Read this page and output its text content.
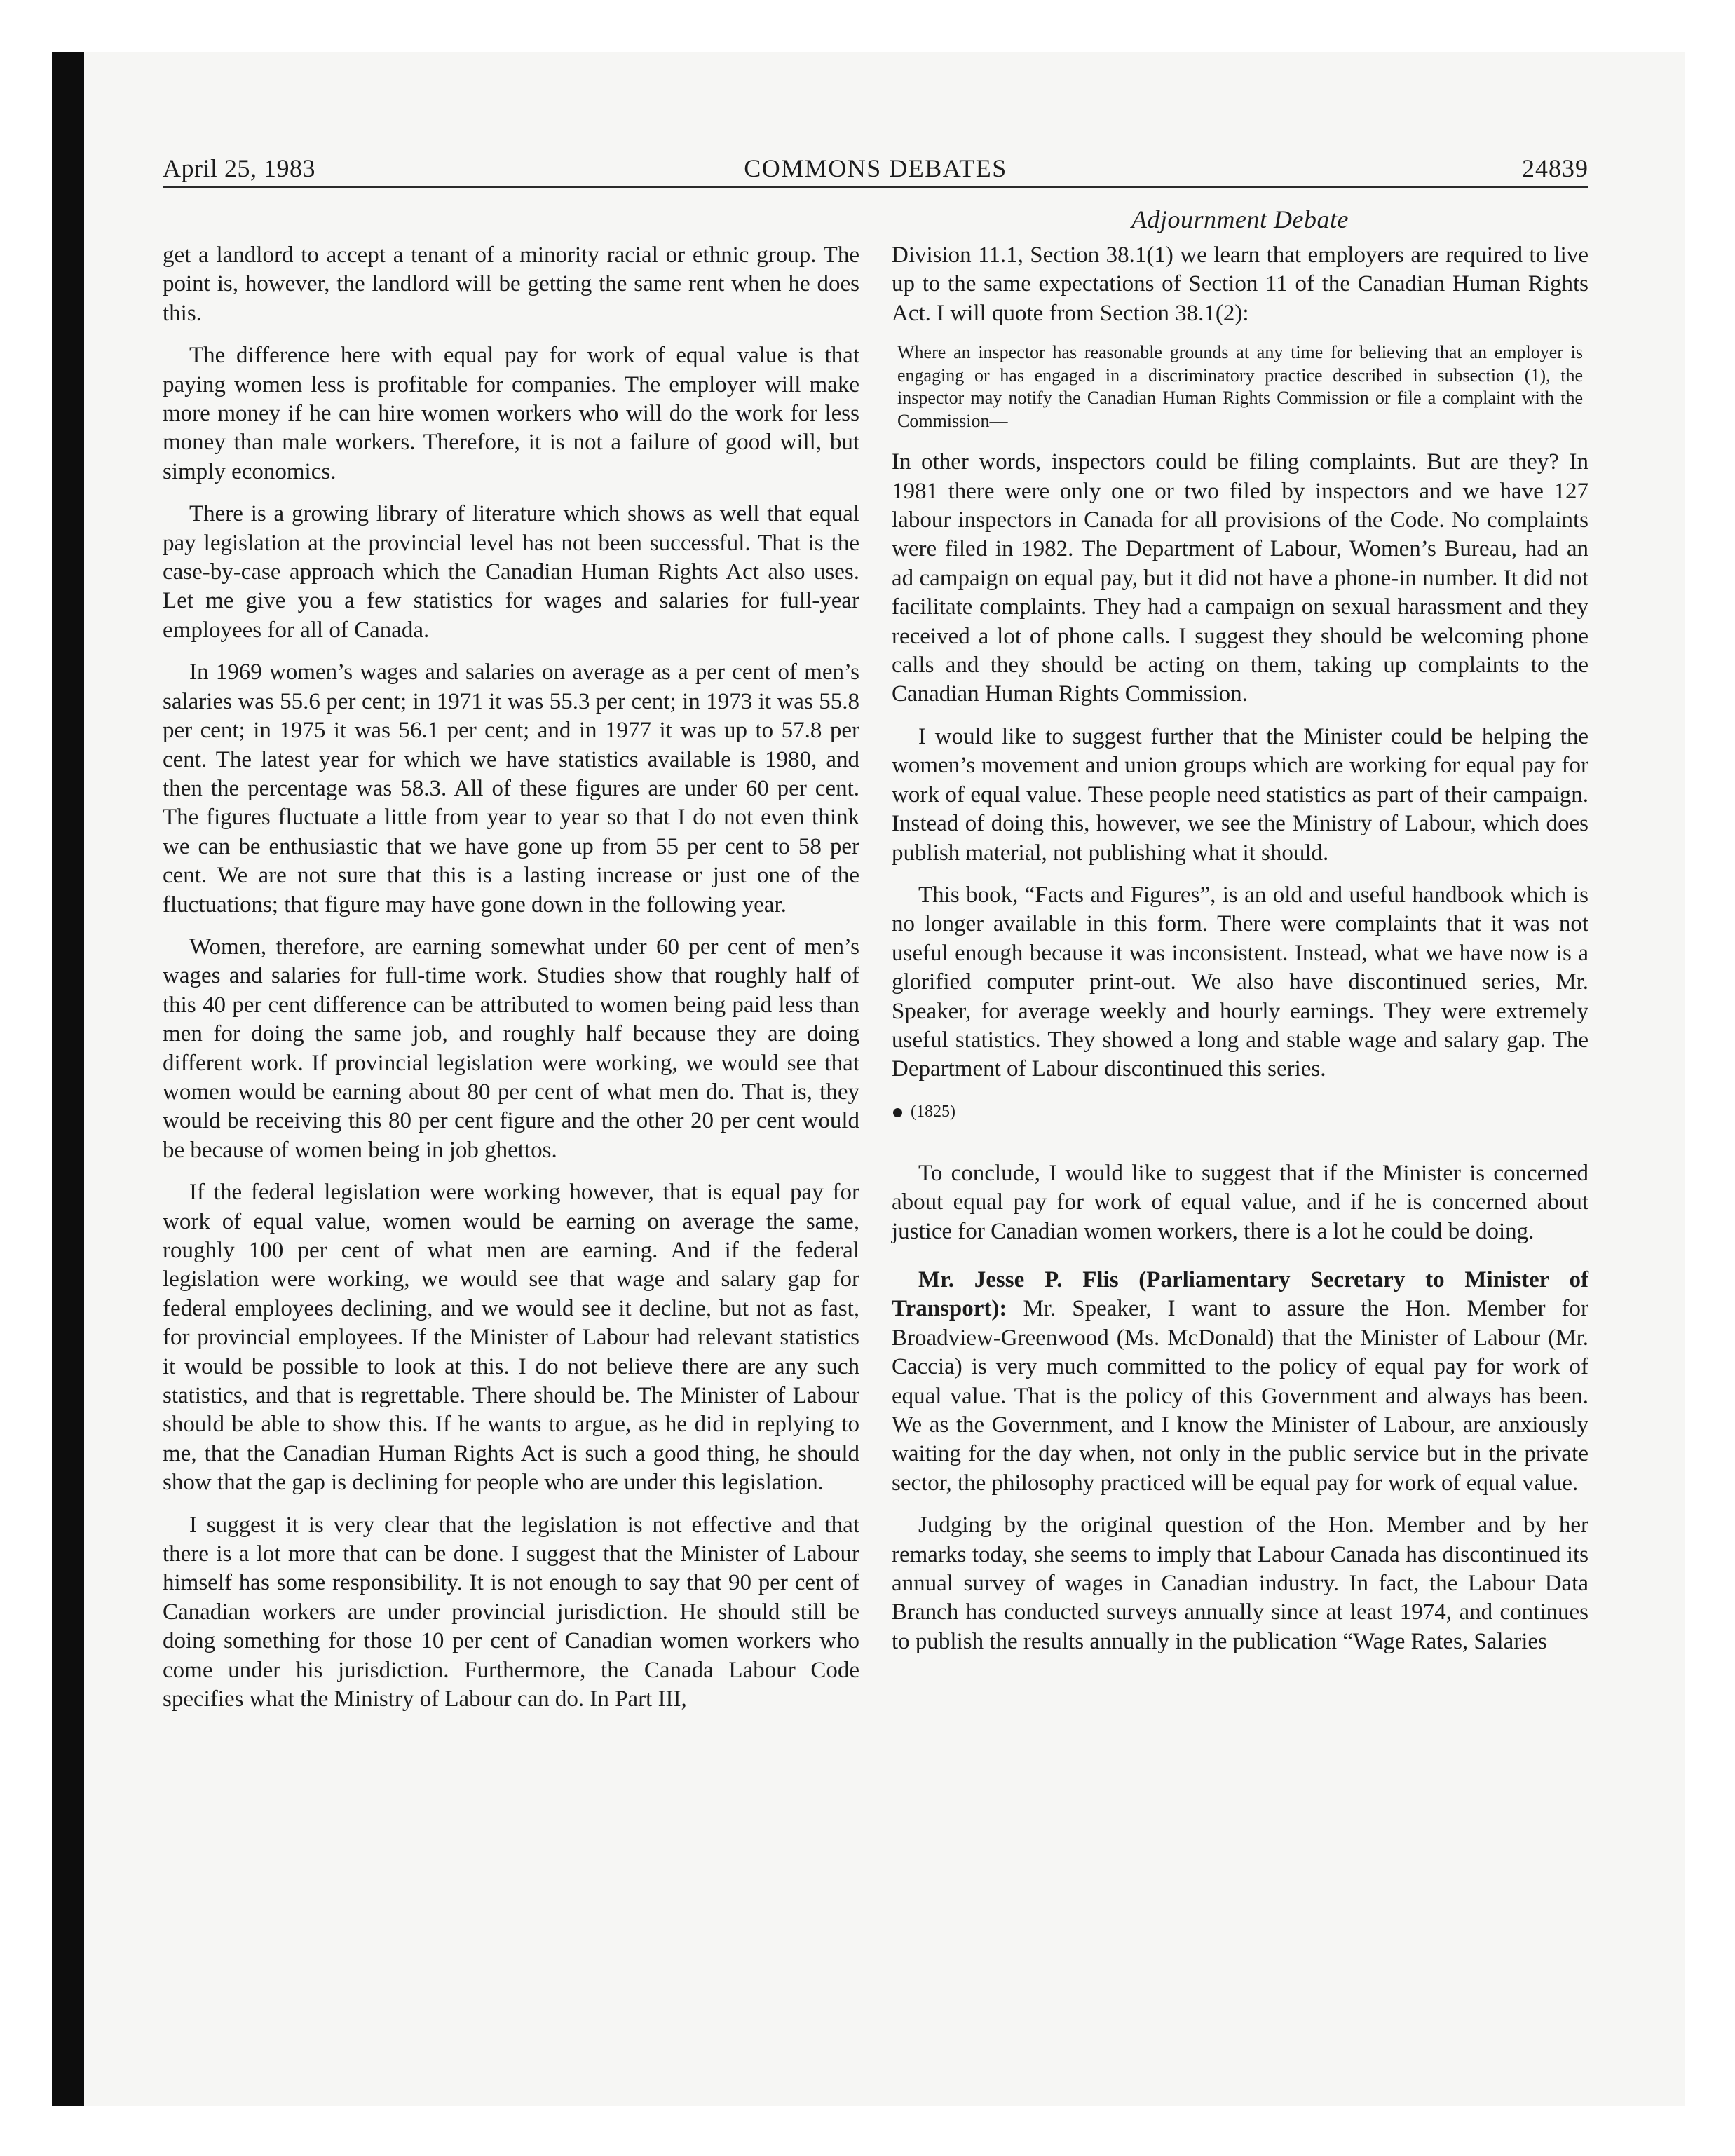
April 25, 1983	COMMONS DEBATES	24839
Adjournment Debate

get a landlord to accept a tenant of a minority racial or ethnic group. The point is, however, the landlord will be getting the same rent when he does this.

The difference here with equal pay for work of equal value is that paying women less is profitable for companies. The employer will make more money if he can hire women workers who will do the work for less money than male workers. Therefore, it is not a failure of good will, but simply economics.

There is a growing library of literature which shows as well that equal pay legislation at the provincial level has not been successful. That is the case-by-case approach which the Canadian Human Rights Act also uses. Let me give you a few statistics for wages and salaries for full-year employees for all of Canada.

In 1969 women’s wages and salaries on average as a per cent of men’s salaries was 55.6 per cent; in 1971 it was 55.3 per cent; in 1973 it was 55.8 per cent; in 1975 it was 56.1 per cent; and in 1977 it was up to 57.8 per cent. The latest year for which we have statistics available is 1980, and then the percentage was 58.3. All of these figures are under 60 per cent. The figures fluctuate a little from year to year so that I do not even think we can be enthusiastic that we have gone up from 55 per cent to 58 per cent. We are not sure that this is a lasting increase or just one of the fluctuations; that figure may have gone down in the following year.

Women, therefore, are earning somewhat under 60 per cent of men’s wages and salaries for full-time work. Studies show that roughly half of this 40 per cent difference can be attributed to women being paid less than men for doing the same job, and roughly half because they are doing different work. If provincial legislation were working, we would see that women would be earning about 80 per cent of what men do. That is, they would be receiving this 80 per cent figure and the other 20 per cent would be because of women being in job ghettos.

If the federal legislation were working however, that is equal pay for work of equal value, women would be earning on average the same, roughly 100 per cent of what men are earning. And if the federal legislation were working, we would see that wage and salary gap for federal employees declining, and we would see it decline, but not as fast, for provincial employees. If the Minister of Labour had relevant statistics it would be possible to look at this. I do not believe there are any such statistics, and that is regrettable. There should be. The Minister of Labour should be able to show this. If he wants to argue, as he did in replying to me, that the Canadian Human Rights Act is such a good thing, he should show that the gap is declining for people who are under this legislation.

I suggest it is very clear that the legislation is not effective and that there is a lot more that can be done. I suggest that the Minister of Labour himself has some responsibility. It is not enough to say that 90 per cent of Canadian workers are under provincial jurisdiction. He should still be doing something for those 10 per cent of Canadian women workers who come under his jurisdiction. Furthermore, the Canada Labour Code specifies what the Ministry of Labour can do. In Part III,

Division 11.1, Section 38.1(1) we learn that employers are required to live up to the same expectations of Section 11 of the Canadian Human Rights Act. I will quote from Section 38.1(2):

Where an inspector has reasonable grounds at any time for believing that an employer is engaging or has engaged in a discriminatory practice described in subsection (1), the inspector may notify the Canadian Human Rights Commission or file a complaint with the Commission—

In other words, inspectors could be filing complaints. But are they? In 1981 there were only one or two filed by inspectors and we have 127 labour inspectors in Canada for all provisions of the Code. No complaints were filed in 1982. The Department of Labour, Women’s Bureau, had an ad campaign on equal pay, but it did not have a phone-in number. It did not facilitate complaints. They had a campaign on sexual harassment and they received a lot of phone calls. I suggest they should be welcoming phone calls and they should be acting on them, taking up complaints to the Canadian Human Rights Commission.

I would like to suggest further that the Minister could be helping the women’s movement and union groups which are working for equal pay for work of equal value. These people need statistics as part of their campaign. Instead of doing this, however, we see the Ministry of Labour, which does publish material, not publishing what it should.

This book, “Facts and Figures”, is an old and useful handbook which is no longer available in this form. There were complaints that it was not useful enough because it was inconsistent. Instead, what we have now is a glorified computer print-out. We also have discontinued series, Mr. Speaker, for average weekly and hourly earnings. They were extremely useful statistics. They showed a long and stable wage and salary gap. The Department of Labour discontinued this series.

(1825)

To conclude, I would like to suggest that if the Minister is concerned about equal pay for work of equal value, and if he is concerned about justice for Canadian women workers, there is a lot he could be doing.

Mr. Jesse P. Flis (Parliamentary Secretary to Minister of Transport): Mr. Speaker, I want to assure the Hon. Member for Broadview-Greenwood (Ms. McDonald) that the Minister of Labour (Mr. Caccia) is very much committed to the policy of equal pay for work of equal value. That is the policy of this Government and always has been. We as the Government, and I know the Minister of Labour, are anxiously waiting for the day when, not only in the public service but in the private sector, the philosophy practiced will be equal pay for work of equal value.

Judging by the original question of the Hon. Member and by her remarks today, she seems to imply that Labour Canada has discontinued its annual survey of wages in Canadian industry. In fact, the Labour Data Branch has conducted surveys annually since at least 1974, and continues to publish the results annually in the publication “Wage Rates, Salaries
